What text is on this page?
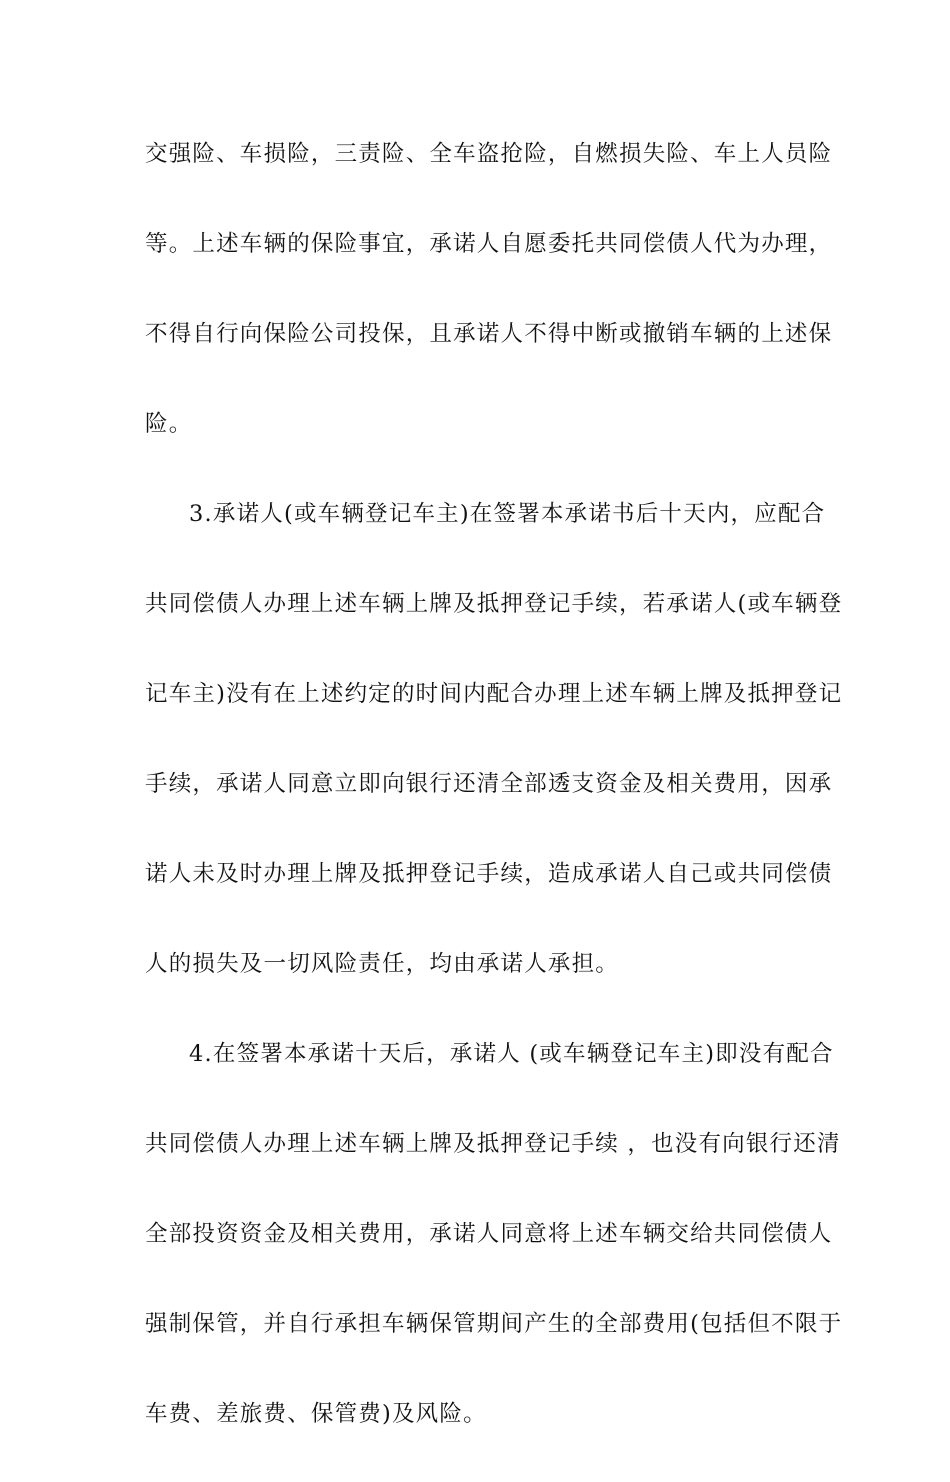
交强险、车损险，三责险、全车盗抢险，自燃损失险、车上人员险
等。上述车辆的保险事宜，承诺人自愿委托共同偿债人代为办理，
不得自行向保险公司投保，且承诺人不得中断或撤销车辆的上述保
险。
3.承诺人(或车辆登记车主)在签署本承诺书后十天内，应配合
共同偿债人办理上述车辆上牌及抵押登记手续，若承诺人(或车辆登
记车主)没有在上述约定的时间内配合办理上述车辆上牌及抵押登记
手续，承诺人同意立即向银行还清全部透支资金及相关费用，因承
诺人未及时办理上牌及抵押登记手续，造成承诺人自己或共同偿债
人的损失及一切风险责任，均由承诺人承担。
4.在签署本承诺十天后，承诺人 (或车辆登记车主)即没有配合
共同偿债人办理上述车辆上牌及抵押登记手续 ，也没有向银行还清
全部投资资金及相关费用，承诺人同意将上述车辆交给共同偿债人
强制保管，并自行承担车辆保管期间产生的全部费用(包括但不限于
车费、差旅费、保管费)及风险。
